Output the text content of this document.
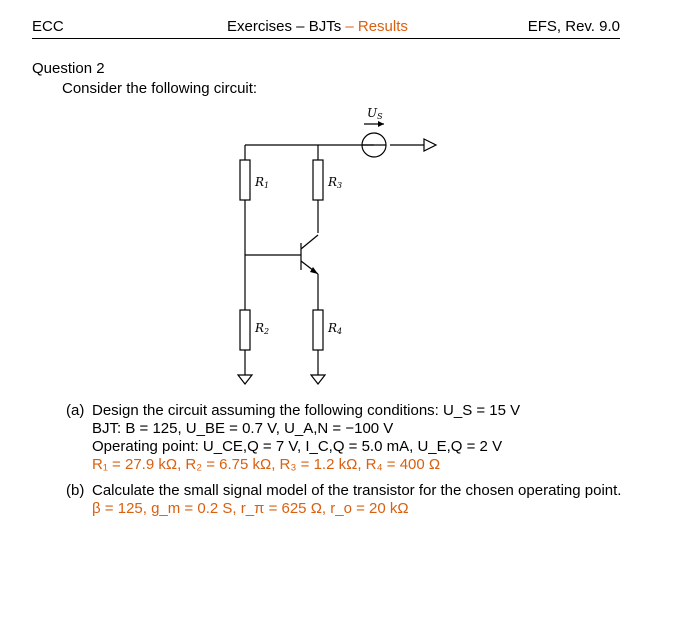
ECC	Exercises – BJTs – Results	EFS, Rev. 9.0
Question 2
Consider the following circuit:
US
R1	R3
R2	R4
(a) Design the circuit assuming the following conditions: U_S = 15 V
BJT: B = 125, U_BE = 0.7 V, U_A,N = −100 V
Operating point: U_CE,Q = 7 V, I_C,Q = 5.0 mA, U_E,Q = 2 V
R₁ = 27.9 kΩ, R₂ = 6.75 kΩ, R₃ = 1.2 kΩ, R₄ = 400 Ω
(b) Calculate the small signal model of the transistor for the chosen operating point.
β = 125, g_m = 0.2 S, r_π = 625 Ω, r_o = 20 kΩ
